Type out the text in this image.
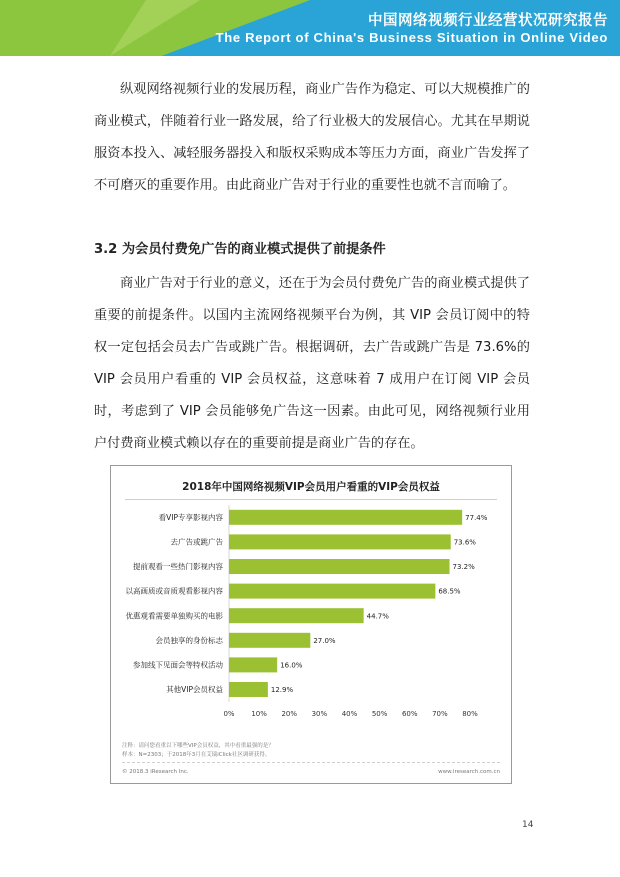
中国网络视频行业经营状况研究报告
The Report of China's Business Situation in Online Video

纵观网络视频行业的发展历程，商业广告作为稳定、可以大规模推广的商业模式，伴随着行业一路发展，给了行业极大的发展信心。尤其在早期说服资本投入、减轻服务器投入和版权采购成本等压力方面，商业广告发挥了不可磨灭的重要作用。由此商业广告对于行业的重要性也就不言而喻了。

3.2 为会员付费免广告的商业模式提供了前提条件

商业广告对于行业的意义，还在于为会员付费免广告的商业模式提供了重要的前提条件。以国内主流网络视频平台为例，其 VIP 会员订阅中的特权一定包括会员去广告或跳广告。根据调研，去广告或跳广告是 73.6%的 VIP 会员用户看重的 VIP 会员权益，这意味着 7 成用户在订阅 VIP 会员时，考虑到了 VIP 会员能够免广告这一因素。由此可见，网络视频行业用户付费商业模式赖以存在的重要前提是商业广告的存在。

2018年中国网络视频VIP会员用户看重的VIP会员权益
看VIP专享影视内容	77.4%
去广告或跳广告	73.6%
提前观看一些热门影视内容	73.2%
以高画质或音质观看影视内容	68.5%
优惠观看需要单独购买的电影	44.7%
会员独享的身份标志	27.0%
参加线下见面会等特权活动	16.0%
其他VIP会员权益	12.9%
0% 10% 20% 30% 40% 50% 60% 70% 80%
注释：请问您看重以下哪些VIP会员权益，其中看重最强的是？
样本：N=2303；于2018年3月在艾瑞iClick社区调研获得。
© 2018.3 iResearch Inc.	www.iresearch.com.cn
14
